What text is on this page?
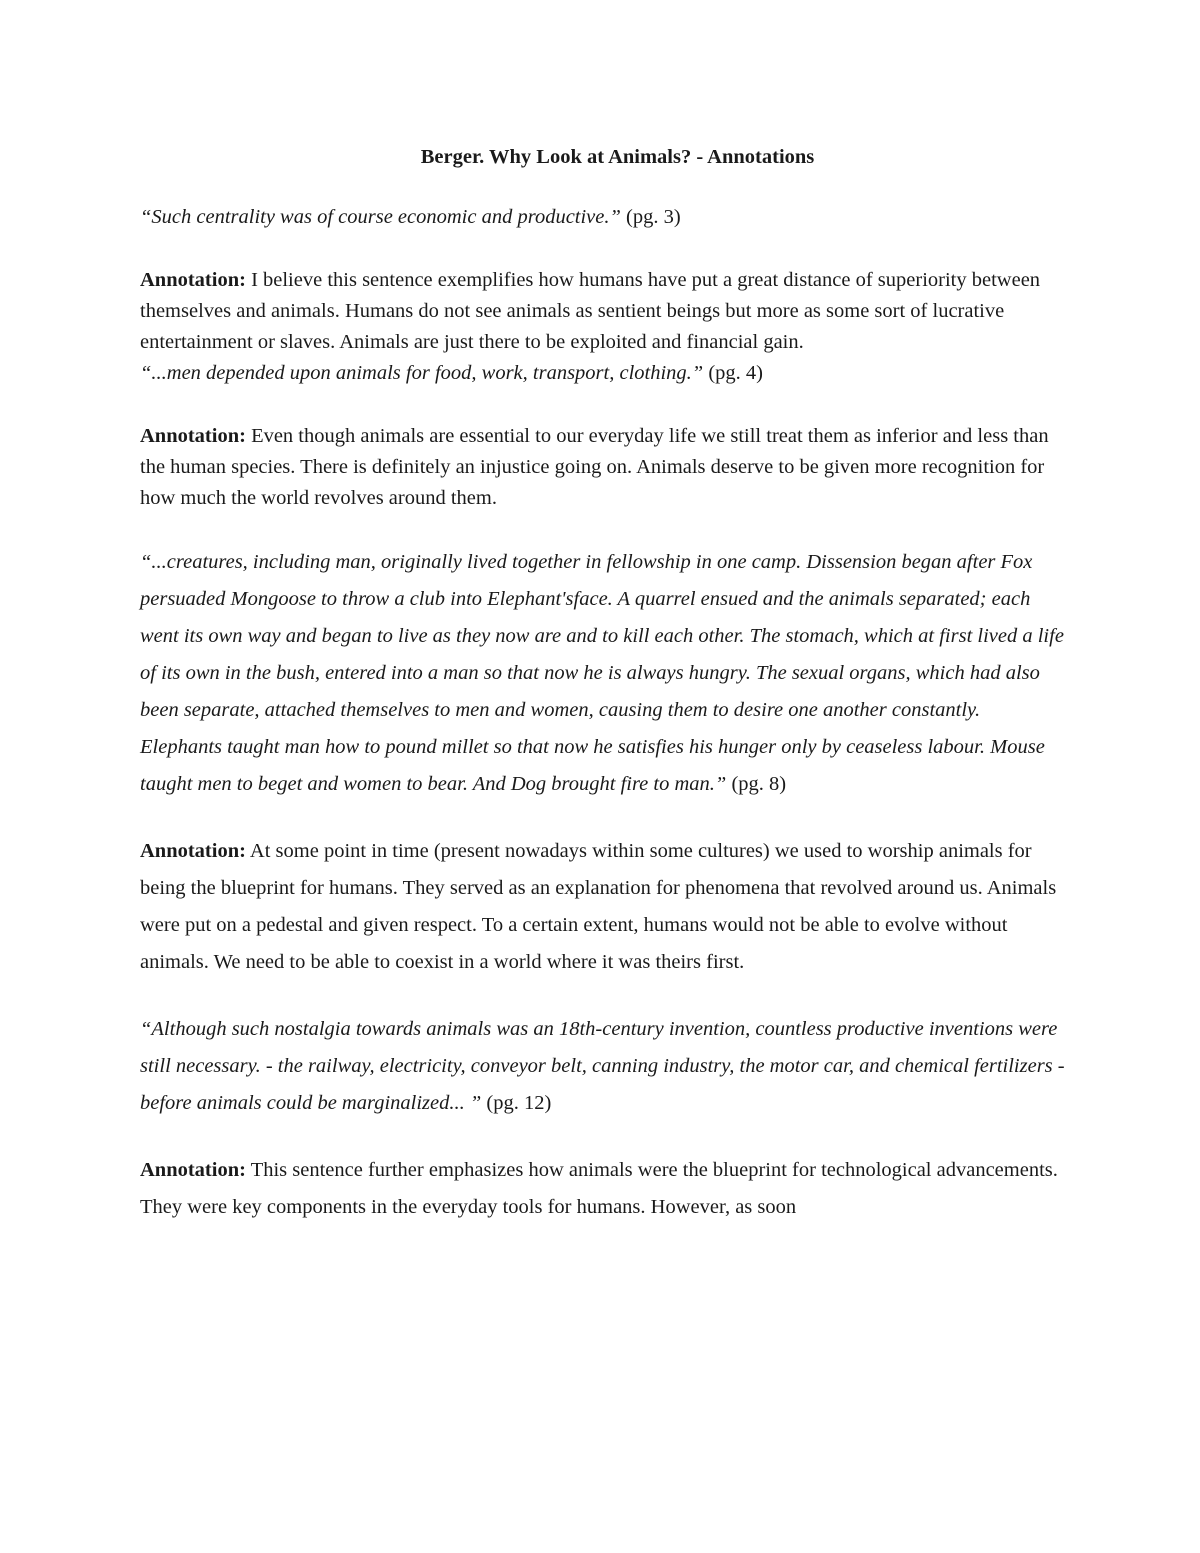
Berger. Why Look at Animals? - Annotations

“Such centrality was of course economic and productive.” (pg. 3)

Annotation: I believe this sentence exemplifies how humans have put a great distance of superiority between themselves and animals. Humans do not see animals as sentient beings but more as some sort of lucrative entertainment or slaves. Animals are just there to be exploited and financial gain.

“...men depended upon animals for food, work, transport, clothing.” (pg. 4)

Annotation: Even though animals are essential to our everyday life we still treat them as inferior and less than the human species. There is definitely an injustice going on. Animals deserve to be given more recognition for how much the world revolves around them.

“...creatures, including man, originally lived together in fellowship in one camp. Dissension began after Fox persuaded Mongoose to throw a club into Elephant'sface. A quarrel ensued and the animals separated; each went its own way and began to live as they now are and to kill each other. The stomach, which at first lived a life of its own in the bush, entered into a man so that now he is always hungry. The sexual organs, which had also been separate, attached themselves to men and women, causing them to desire one another constantly. Elephants taught man how to pound millet so that now he satisfies his hunger only by ceaseless labour. Mouse taught men to beget and women to bear. And Dog brought fire to man.” (pg. 8)

Annotation: At some point in time (present nowadays within some cultures) we used to worship animals for being the blueprint for humans. They served as an explanation for phenomena that revolved around us. Animals were put on a pedestal and given respect. To a certain extent, humans would not be able to evolve without animals. We need to be able to coexist in a world where it was theirs first.

“Although such nostalgia towards animals was an 18th-century invention, countless productive inventions were still necessary. - the railway, electricity, conveyor belt, canning industry, the motor car, and chemical fertilizers -before animals could be marginalized... ” (pg. 12)

Annotation: This sentence further emphasizes how animals were the blueprint for technological advancements. They were key components in the everyday tools for humans. However, as soon
